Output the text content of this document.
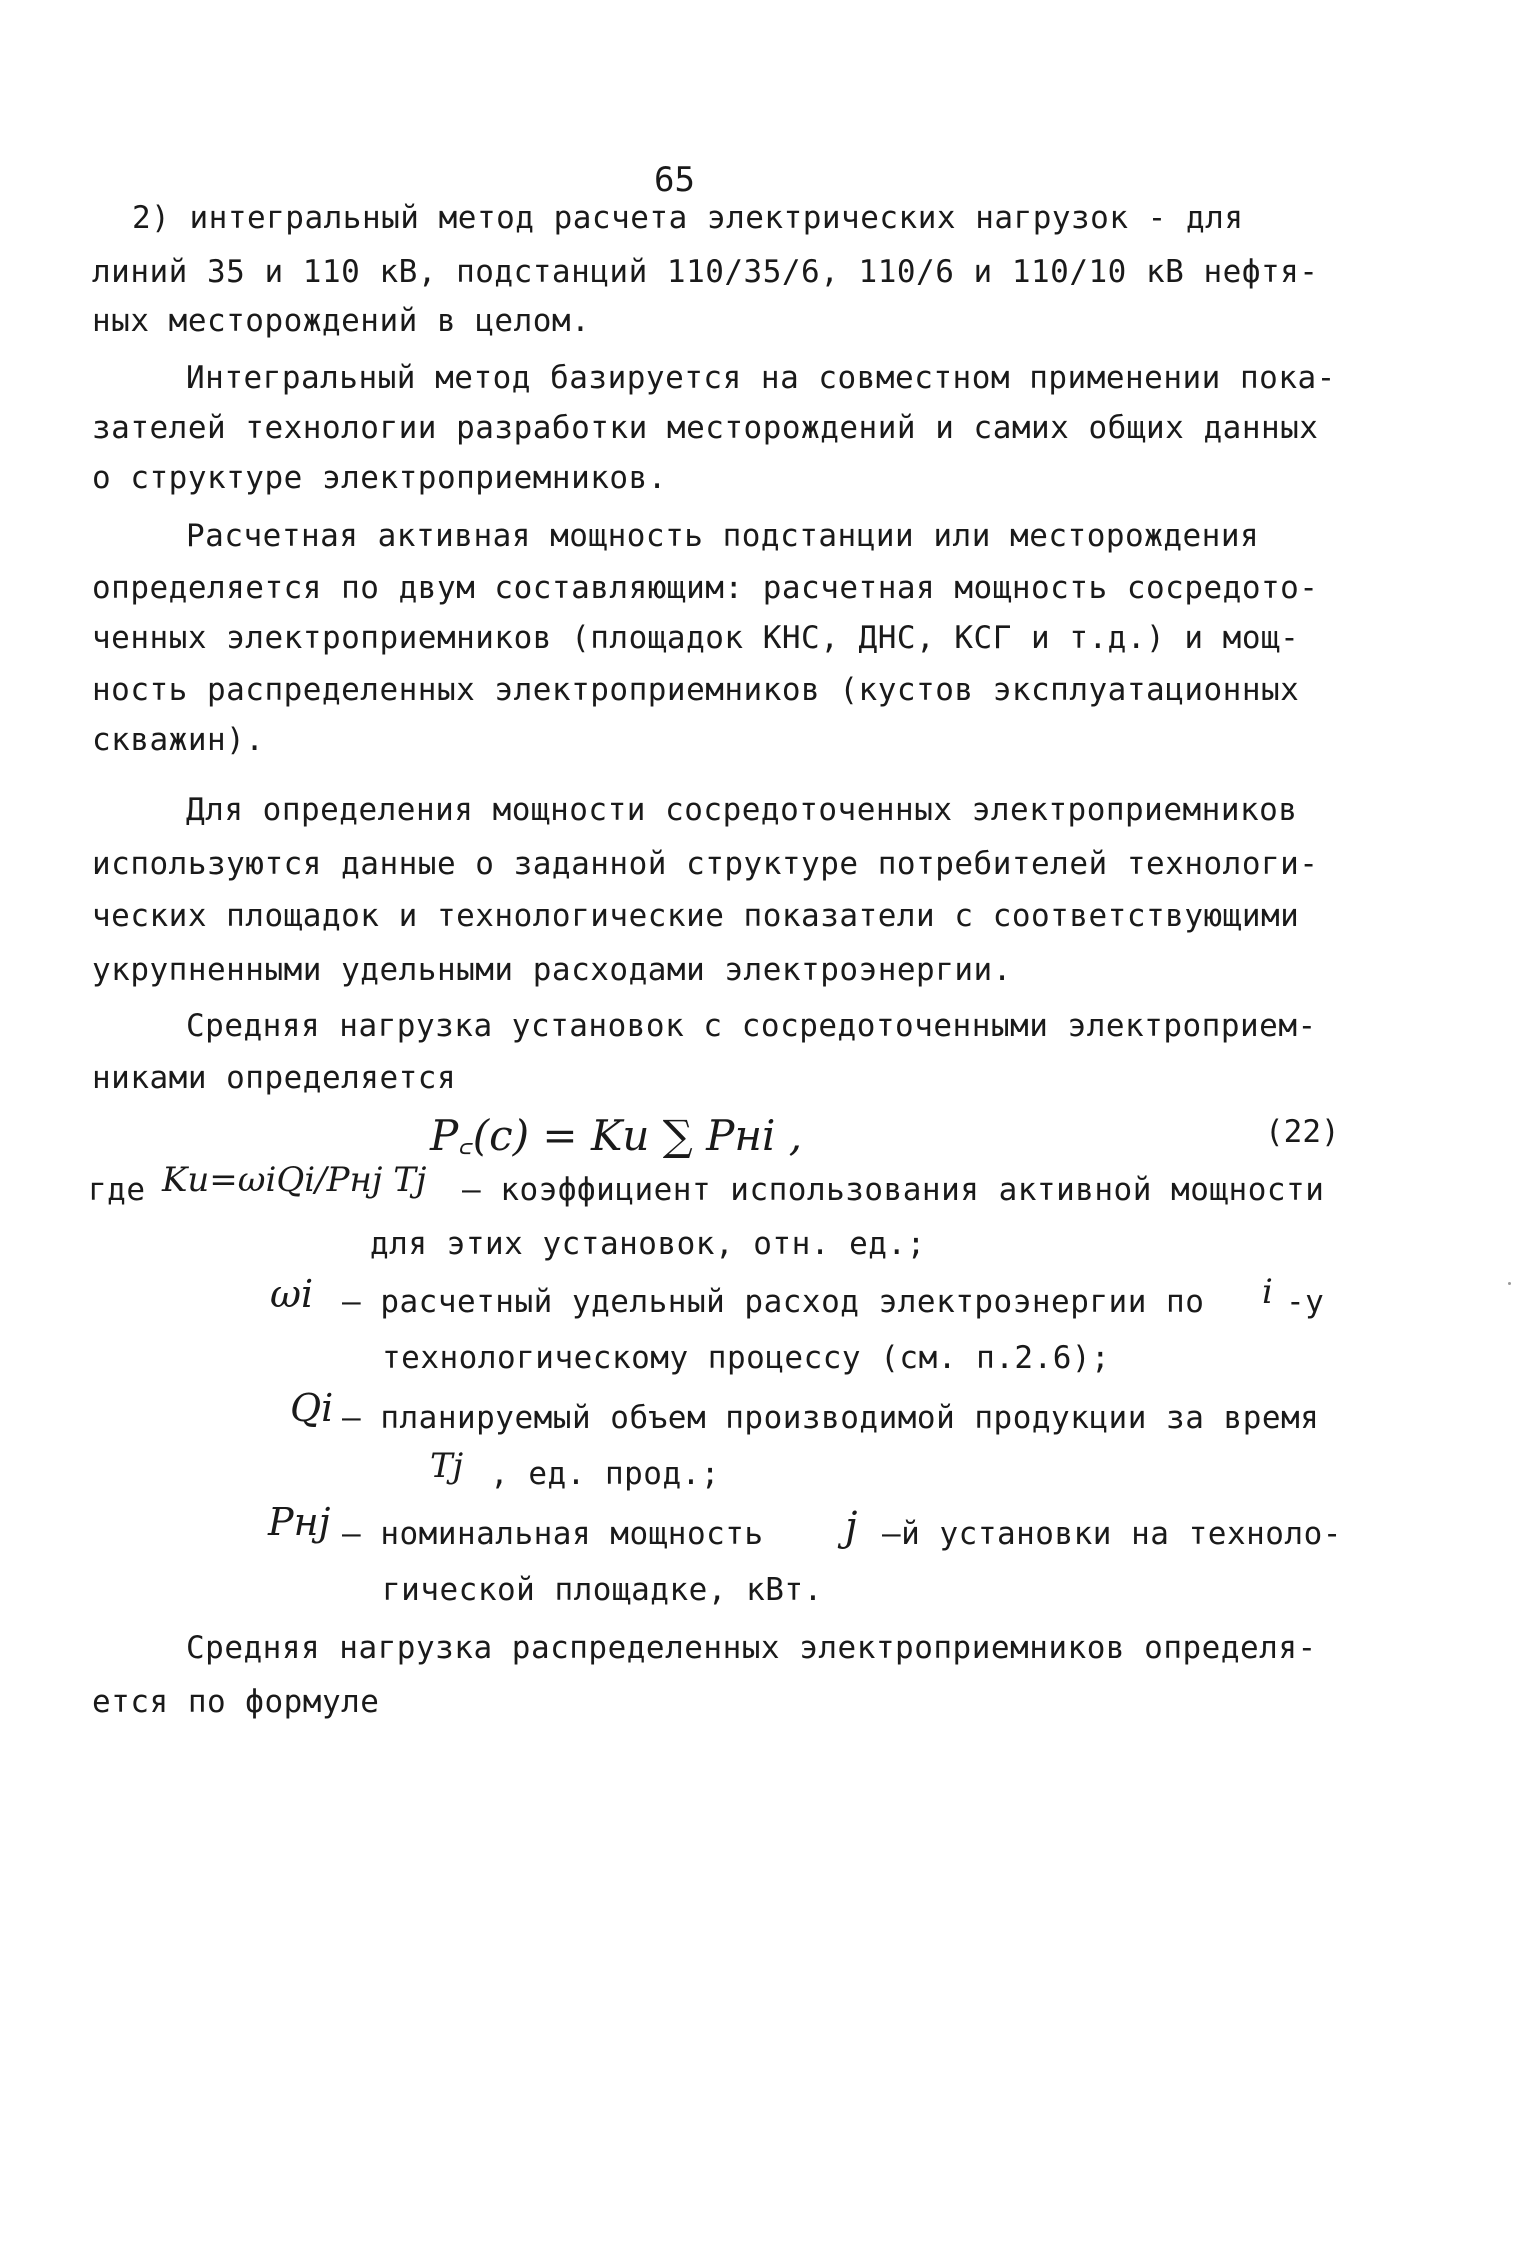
65
2) интегральный метод расчета электрических нагрузок - для
линий 35 и 110 кВ, подстанций 110/35/6, 110/6 и 110/10 кВ нефтя-
ных месторождений в целом.
Интегральный метод базируется на совместном применении пока-
зателей технологии разработки месторождений и самих общих данных
о структуре электроприемников.
Расчетная активная мощность подстанции или месторождения
определяется по двум составляющим: расчетная мощность сосредото-
ченных электроприемников (площадок КНС, ДНС, КСГ и т.д.) и мощ-
ность распределенных электроприемников (кустов эксплуатационных
скважин).
Для определения мощности сосредоточенных электроприемников
используются данные о заданной структуре потребителей технологи-
ческих площадок и технологические показатели с соответствующими
укрупненными удельными расходами электроэнергии.
Средняя нагрузка установок с сосредоточенными электроприем-
никами определяется
P꜀(c) = Kи ∑ Pнi ,	(22)
где Kи=ωiQi/Pнj Tj – коэффициент использования активной мощности
для этих установок, отн. ед.;
ωi – расчетный удельный расход электроэнергии по i -у
технологическому процессу (см. п.2.6);
Qi – планируемый объем производимой продукции за время
Tj , ед. прод.;
Pнj – номинальная мощность j –й установки на техноло-
гической площадке, кВт.
Средняя нагрузка распределенных электроприемников определя-
ется по формуле
